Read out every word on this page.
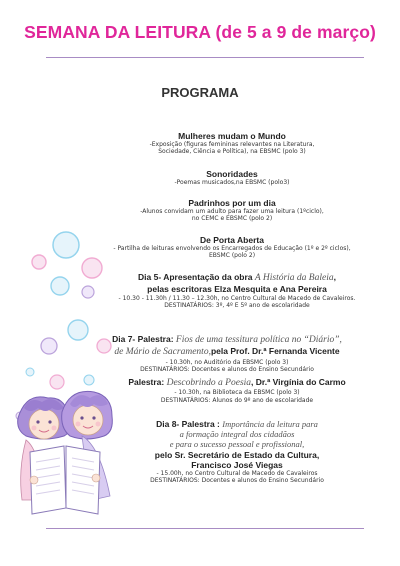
SEMANA DA LEITURA (de 5 a 9 de março)
PROGRAMA
Mulheres mudam o Mundo
-Exposição (figuras femininas relevantes na Literatura,
Sociedade, Ciência e Política), na EBSMC (polo 3)
Sonoridades
-Poemas musicados,na EBSMC (polo3)
Padrinhos por um dia
-Alunos convidam um adulto para fazer uma leitura (1ºciclo),
no CEMC e EBSMC (polo 2)
De Porta Aberta
- Partilha de leituras envolvendo os Encarregados de Educação (1º e 2º ciclos),
EBSMC (polo 2)
Dia 5- Apresentação da obra A História da Baleia,
pelas escritoras Elza Mesquita e Ana Pereira
- 10.30 - 11.30h / 11.30 – 12.30h, no Centro Cultural de Macedo de Cavaleiros.
DESTINATÁRIOS: 3º, 4º E 5º ano de escolaridade
Dia 7- Palestra: Fios de uma tessitura política no “Diário”,
de Mário de Sacramento,pela Prof. Dr.ª Fernanda Vicente
- 10.30h, no Auditório da EBSMC (polo 3)
DESTINATÁRIOS: Docentes e alunos do Ensino Secundário
Palestra: Descobrindo a Poesia, Dr.ª Virgínia do Carmo
- 10.30h, na Biblioteca da EBSMC (polo 3)
DESTINATÁRIOS: Alunos do 9º ano de escolaridade
Dia 8- Palestra : Importância da leitura para
a formação integral dos cidadãos
e para o sucesso pessoal e profissional,
pelo Sr. Secretário de Estado da Cultura,
Francisco José Viegas
- 15.00h, no Centro Cultural de Macedo de Cavaleiros
DESTINATÁRIOS: Docentes e alunos do Ensino Secundário
